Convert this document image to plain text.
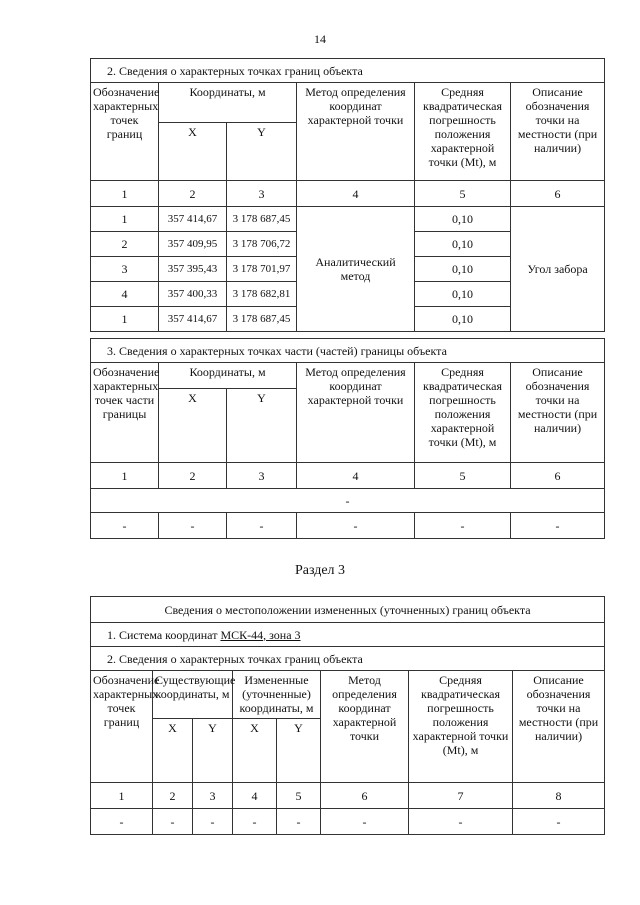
14
2. Сведения о характерных точках границ объекта					
Обозначение характерных точек границ	Координаты, м		Метод определения координат характерной точки	Средняя квадратическая погрешность положения характерной точки (Mt), м	Описание обозначения точки на местности (при наличии)
	X	Y			
1	2	3	4	5	6
1	357 414,67	3 178 687,45	Аналитический метод	0,10	Угол забора
2	357 409,95	3 178 706,72		0,10	
3	357 395,43	3 178 701,97		0,10	
4	357 400,33	3 178 682,81		0,10	
1	357 414,67	3 178 687,45		0,10	
3. Сведения о характерных точках части (частей) границы объекта					
Обозначение характерных точек части границы	Координаты, м		Метод определения координат характерной точки	Средняя квадратическая погрешность положения характерной точки (Mt), м	Описание обозначения точки на местности (при наличии)
	X	Y			
1	2	3	4	5	6
-					
-	-	-	-	-	-
Раздел 3
Сведения о местоположении измененных (уточненных) границ объекта							
1. Система координат МСК-44, зона 3							
2. Сведения о характерных точках границ объекта							
Обозначение характерных точек границ	Существующие координаты, м		Измененные (уточненные) координаты, м		Метод определения координат характерной точки	Средняя квадратическая погрешность положения характерной точки (Mt), м	Описание обозначения точки на местности (при наличии)
	X	Y	X	Y			
1	2	3	4	5	6	7	8
-	-	-	-	-	-	-	-
